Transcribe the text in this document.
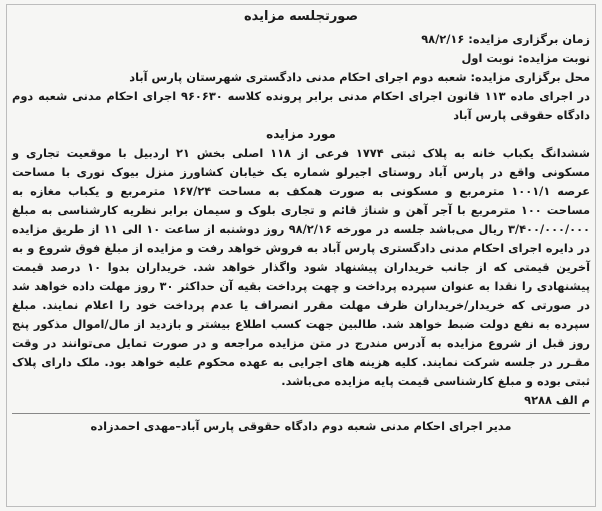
صورتجلسه مزایده
زمان برگزاری مزایده: ۹۸/۲/۱۶
نوبت مزایده: نوبت اول
محل برگزاری مزایده: شعبه دوم اجرای احکام مدنی دادگستری شهرستان پارس آباد

در اجرای ماده ۱۱۳ قانون اجرای احکام مدنی برابر پرونده کلاسه ۹۶۰۶۳۰ اجرای احکام مدنی شعبه دوم دادگاه حقوقی پارس آباد

مورد مزایده

ششدانگ یکباب خانه به پلاک ثبتی ۱۷۷۴ فرعی از ۱۱۸ اصلی بخش ۲۱ اردبیل با موقعیت تجاری و مسکونی واقع در پارس آباد روستای اجیرلو شماره یک خیابان کشاورز منزل بیوک نوری با مساحت عرصه ۱۰۰۱/۱ مترمربع و مسکونی به صورت همکف به مساحت ۱۶۷/۲۴ مترمربع و یکباب مغازه به مساحت ۱۰۰ مترمربع با آجر آهن و شناژ قائم و تجاری بلوک و سیمان برابر نظریه کارشناسی به مبلغ ۳/۴۰۰/۰۰۰/۰۰۰ ریال می‌باشد جلسه در مورخه ۹۸/۲/۱۶ روز دوشنبه از ساعت ۱۰ الی ۱۱ از طریق مزایده در دایره اجرای احکام مدنی دادگستری پارس آباد به فروش خواهد رفت و مزایده از مبلغ فوق شروع و به آخرین قیمتی که از جانب خریداران پیشنهاد شود واگذار خواهد شد. خریداران بدوا ۱۰ درصد قیمت پیشنهادی را نقدا به عنوان سپرده پرداخت و چهت پرداخت بقیه آن حداکثر ۳۰ روز مهلت داده خواهد شد در صورتی که خریدار/خریداران ظرف مهلت مقرر انصراف یا عدم پرداخت خود را اعلام نمایند. مبلغ سپرده به نفع دولت ضبط خواهد شد. طالبین جهت کسب اطلاع بیشتر و بازدید از مال/اموال مذکور پنج روز قبل از شروع مزایده به آدرس مندرج در متن مزایده مراجعه و در صورت تمایل می‌توانند در وقت مقـرر در جلسه شرکت نمایند. کلیه هزینه های اجرایی به عهده محکوم علیه خواهد بود. ملک دارای پلاک ثبتی بوده و مبلغ کارشناسی قیمت پایه مزایده می‌باشد.

م الف ۹۲۸۸
مدیر اجرای احکام مدنی شعبه دوم دادگاه حقوقی پارس آباد–مهدی احمدزاده
